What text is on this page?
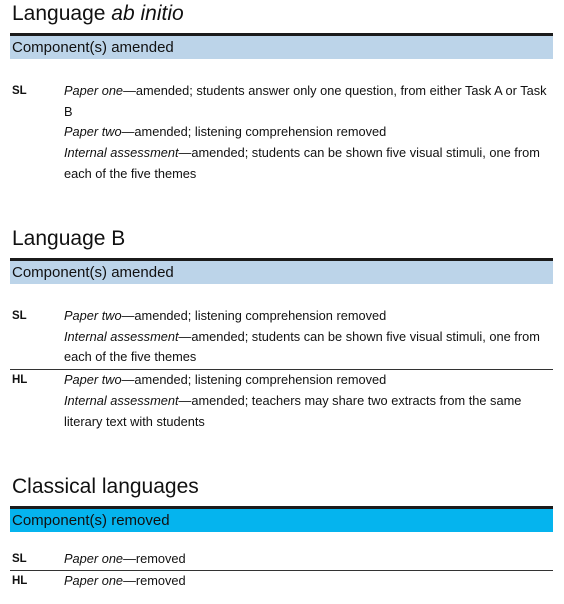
Language ab initio
Component(s) amended
SL	Paper one—amended; students answer only one question, from either Task A or Task B
Paper two—amended; listening comprehension removed
Internal assessment—amended; students can be shown five visual stimuli, one from each of the five themes
Language B
Component(s) amended
SL	Paper two—amended; listening comprehension removed
Internal assessment—amended; students can be shown five visual stimuli, one from each of the five themes
HL	Paper two—amended; listening comprehension removed
Internal assessment—amended; teachers may share two extracts from the same literary text with students
Classical languages
Component(s) removed
SL	Paper one—removed
HL	Paper one—removed
